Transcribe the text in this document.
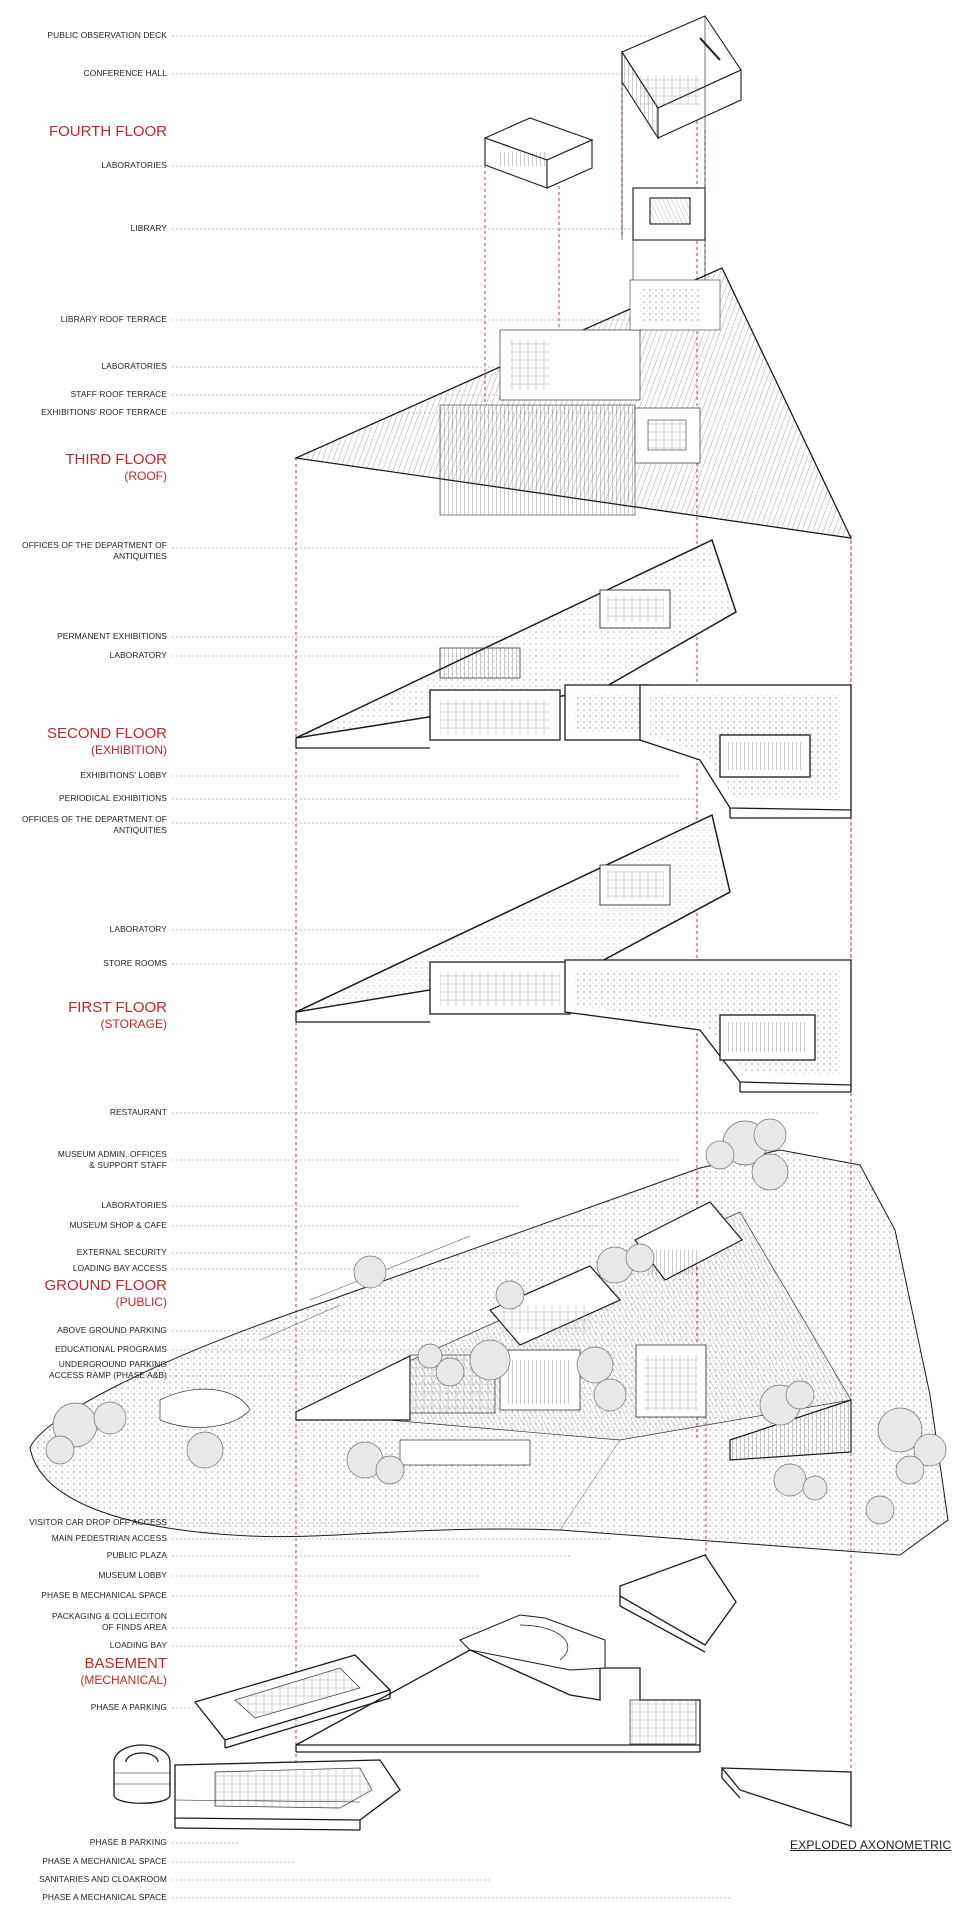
PUBLIC OBSERVATION DECK
CONFERENCE HALL
FOURTH FLOOR
LABORATORIES
LIBRARY
LIBRARY ROOF TERRACE
LABORATORIES
STAFF ROOF TERRACE
EXHIBITIONS' ROOF TERRACE
THIRD FLOOR
(ROOF)
OFFICES OF THE DEPARTMENT OF
ANTIQUITIES
PERMANENT EXHIBITIONS
LABORATORY
SECOND FLOOR
(EXHIBITION)
EXHIBITIONS' LOBBY
PERIODICAL EXHIBITIONS
OFFICES OF THE DEPARTMENT OF
ANTIQUITIES
LABORATORY
STORE ROOMS
FIRST FLOOR
(STORAGE)
RESTAURANT
MUSEUM ADMIN. OFFICES
& SUPPORT STAFF
LABORATORIES
MUSEUM SHOP & CAFE
EXTERNAL SECURITY
LOADING BAY ACCESS
GROUND FLOOR
(PUBLIC)
ABOVE GROUND PARKING
EDUCATIONAL PROGRAMS
UNDERGROUND PARKING
ACCESS RAMP (PHASE A&B)
VISITOR CAR DROP OFF ACCESS
MAIN PEDESTRIAN ACCESS
PUBLIC PLAZA
MUSEUM LOBBY
PHASE B MECHANICAL SPACE
PACKAGING & COLLECITON
OF FINDS AREA
LOADING BAY
BASEMENT
(MECHANICAL)
PHASE A PARKING
PHASE B PARKING
PHASE A MECHANICAL SPACE
SANITARIES AND CLOAKROOM
PHASE A MECHANICAL SPACE
EXPLODED AXONOMETRIC
